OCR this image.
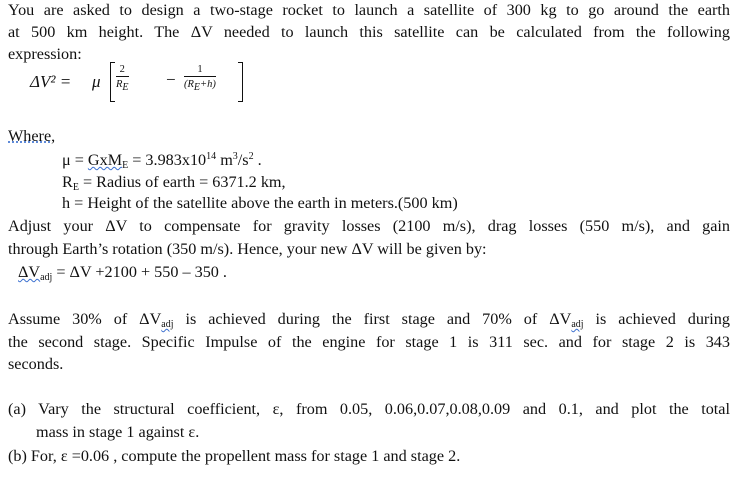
You are asked to design a two-stage rocket to launch a satellite of 300 kg to go around the earth
at 500 km height. The ΔV needed to launch this satellite can be calculated from the following
expression:
ΔV² = μ $\frac{2}{R_E} - \frac{1}{(R_E+h)}$
Where,
$\mu = GxM_E = 3.983x10^{14}$ $m^3/s^2$ .
$R_E$ = Radius of earth = 6371.2 km,
h = Height of the satellite above the earth in meters.(500 km)
Adjust your ΔV to compensate for gravity losses (2100 m/s), drag losses (550 m/s), and gain
through Earth’s rotation (350 m/s). Hence, your new ΔV will be given by:
$\Delta V_{adj} = \Delta V +2100 + 550 - 350$ .
Assume 30% of $\Delta V_{adj}$ is achieved during the first stage and 70% of $\Delta V_{adj}$ is achieved during
the second stage. Specific Impulse of the engine for stage 1 is 311 sec. and for stage 2 is 343
seconds.
(a) Vary the structural coefficient, ε, from 0.05, 0.06,0.07,0.08,0.09 and 0.1, and plot the total
mass in stage 1 against ε.
(b) For, ε =0.06 , compute the propellent mass for stage 1 and stage 2.
